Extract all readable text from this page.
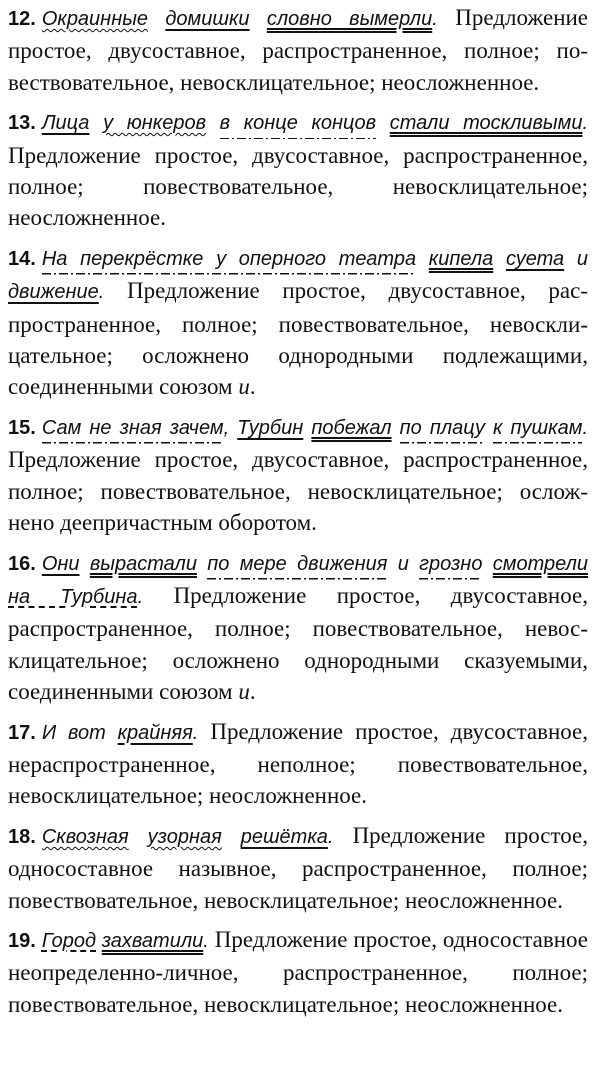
12. Окраинные домишки словно вымерли. Предложение простое, двусоставное, распространенное, полное; повествовательное, невосклицательное; неосложненное.

13. Лица у юнкеров в конце концов стали тоскливыми. Предложение простое, двусоставное, распространенное, полное; повествовательное, невосклицательное; неосложненное.

14. На перекрёстке у оперного театра кипела суета и движение. Предложение простое, двусоставное, распространенное, полное; повествовательное, невосклицательное; осложнено однородными подлежащими, соединенными союзом и.

15. Сам не зная зачем, Турбин побежал по плацу к пушкам. Предложение простое, двусоставное, распространенное, полное; повествовательное, невосклицательное; осложнено деепричастным оборотом.

16. Они вырастали по мере движения и грозно смотрели на Турбина. Предложение простое, двусоставное, распространенное, полное; повествовательное, невосклицательное; осложнено однородными сказуемыми, соединенными союзом и.

17. И вот крайняя. Предложение простое, двусоставное, нераспространенное, неполное; повествовательное, невосклицательное; неосложненное.

18. Сквозная узорная решётка. Предложение простое, односоставное назывное, распространенное, полное; повествовательное, невосклицательное; неосложненное.

19. Город захватили. Предложение простое, односоставное неопределенно-личное, распространенное, полное; повествовательное, невосклицательное; неосложненное.
